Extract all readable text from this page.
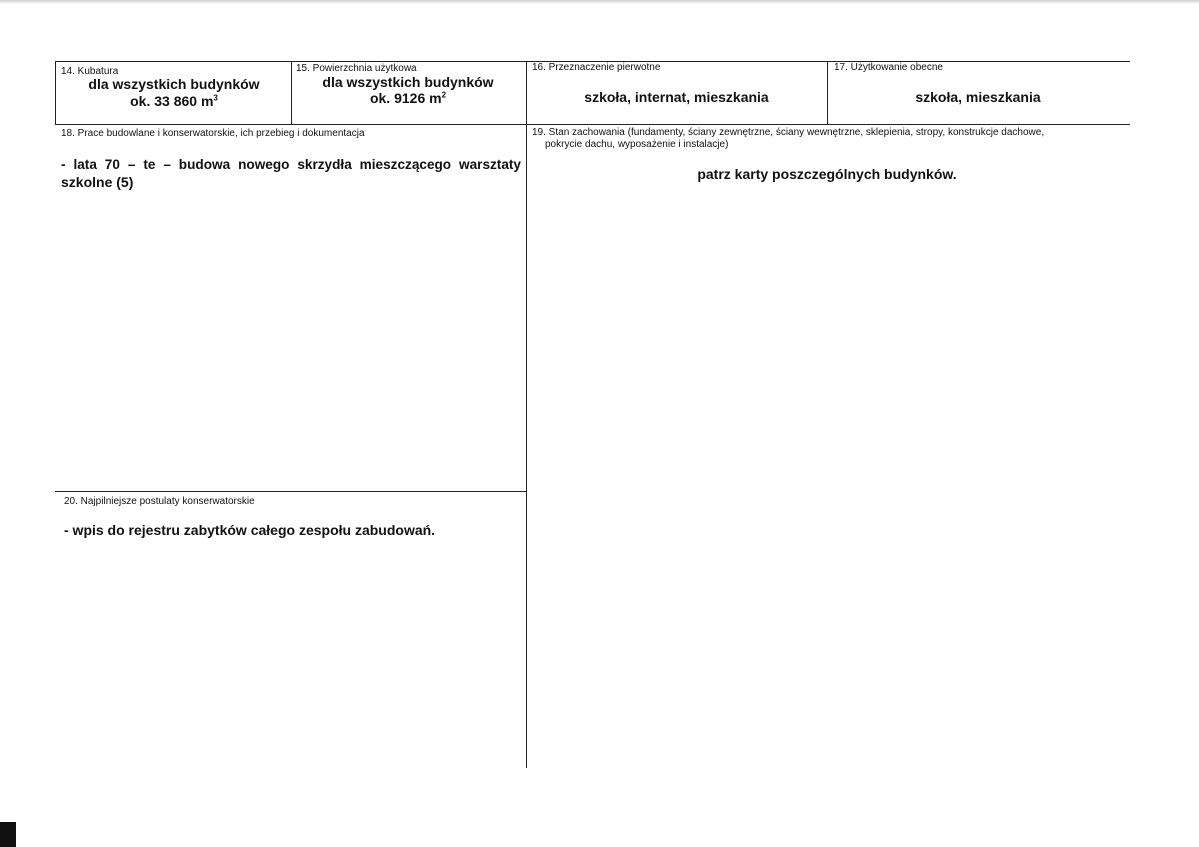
14. Kubatura
dla wszystkich budynków
ok. 33 860 $m^3$
15. Powierzchnia użytkowa
dla wszystkich budynków
ok. 9126 $m^2$
16. Przeznaczenie pierwotne
szkoła, internat, mieszkania
17. Użytkowanie obecne
szkoła, mieszkania
18. Prace budowlane i konserwatorskie, ich przebieg i dokumentacja
- lata 70 – te – budowa nowego skrzydła mieszczącego warsztaty
szkolne (5)
19. Stan zachowania (fundamenty, ściany zewnętrzne, ściany wewnętrzne, sklepienia, stropy, konstrukcje dachowe,
pokrycie dachu, wyposażenie i instalacje)
patrz karty poszczególnych budynków.
20. Najpilniejsze postulaty konserwatorskie
- wpis do rejestru zabytków całego zespołu zabudowań.
